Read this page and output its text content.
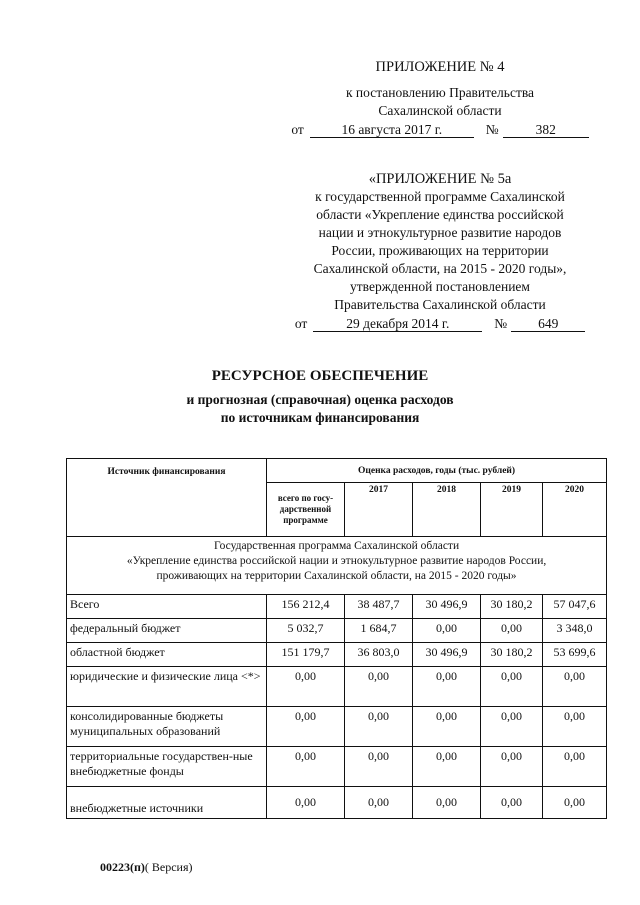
ПРИЛОЖЕНИЕ № 4
к постановлению Правительства
Сахалинской области
от	16 августа 2017 г.	№	382
«ПРИЛОЖЕНИЕ № 5а
к государственной программе Сахалинской
области «Укрепление единства российской
нации и этнокультурное развитие народов
России, проживающих на территории
Сахалинской области, на 2015 - 2020 годы»,
утвержденной постановлением
Правительства Сахалинской области
от	29 декабря 2014 г.	№	649
РЕСУРСНОЕ ОБЕСПЕЧЕНИЕ
и прогнозная (справочная) оценка расходов
по источникам финансирования
Источник финансирования	Оценка расходов, годы (тыс. рублей)				
	всего по госу-дарственной программе	2017	2018	2019	2020

Государственная программа Сахалинской области
«Укрепление единства российской нации и этнокультурное развитие народов России,
проживающих на территории Сахалинской области, на 2015 - 2020 годы»					

Всего	156 212,4	38 487,7	30 496,9	30 180,2	57 047,6
федеральный бюджет	5 032,7	1 684,7	0,00	0,00	3 348,0
областной бюджет	151 179,7	36 803,0	30 496,9	30 180,2	53 699,6
юридические и физические лица <*>	0,00	0,00	0,00	0,00	0,00
консолидированные бюджеты муниципальных образований	0,00	0,00	0,00	0,00	0,00
территориальные государствен-ные внебюджетные фонды	0,00	0,00	0,00	0,00	0,00
внебюджетные источники	0,00	0,00	0,00	0,00	0,00
00223(п)( Версия)
